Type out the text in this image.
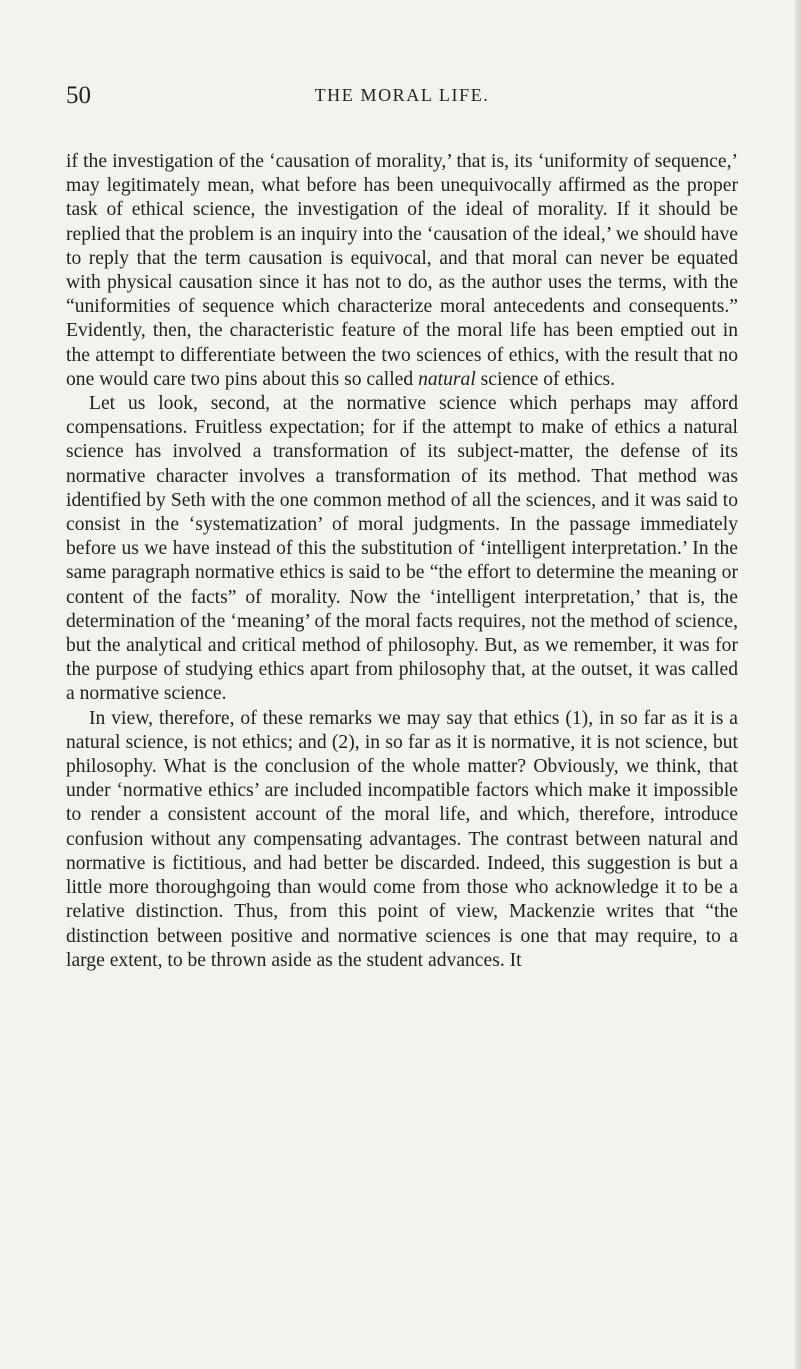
50	THE MORAL LIFE.

if the investigation of the ‘causation of morality,’ that is, its ‘uniformity of sequence,’ may legitimately mean, what before has been unequivocally affirmed as the proper task of ethical science, the investigation of the ideal of morality. If it should be replied that the problem is an inquiry into the ‘causation of the ideal,’ we should have to reply that the term causation is equivocal, and that moral can never be equated with physical causation since it has not to do, as the author uses the terms, with the “uniformities of sequence which characterize moral antecedents and consequents.” Evidently, then, the characteristic feature of the moral life has been emptied out in the attempt to differentiate between the two sciences of ethics, with the result that no one would care two pins about this so called natural science of ethics.

Let us look, second, at the normative science which perhaps may afford compensations. Fruitless expectation; for if the attempt to make of ethics a natural science has involved a transformation of its subject-matter, the defense of its normative character involves a transformation of its method. That method was identified by Seth with the one common method of all the sciences, and it was said to consist in the ‘systematization’ of moral judgments. In the passage immediately before us we have instead of this the substitution of ‘intelligent interpretation.’ In the same paragraph normative ethics is said to be “the effort to determine the meaning or content of the facts” of morality. Now the ‘intelligent interpretation,’ that is, the determination of the ‘meaning’ of the moral facts requires, not the method of science, but the analytical and critical method of philosophy. But, as we remember, it was for the purpose of studying ethics apart from philosophy that, at the outset, it was called a normative science.

In view, therefore, of these remarks we may say that ethics (1), in so far as it is a natural science, is not ethics; and (2), in so far as it is normative, it is not science, but philosophy. What is the conclusion of the whole matter? Obviously, we think, that under ‘normative ethics’ are included incompatible factors which make it impossible to render a consistent account of the moral life, and which, therefore, introduce confusion without any compensating advantages. The contrast between natural and normative is fictitious, and had better be discarded. Indeed, this suggestion is but a little more thoroughgoing than would come from those who acknowledge it to be a relative distinction. Thus, from this point of view, Mackenzie writes that “the distinction between positive and normative sciences is one that may require, to a large extent, to be thrown aside as the student advances. It
